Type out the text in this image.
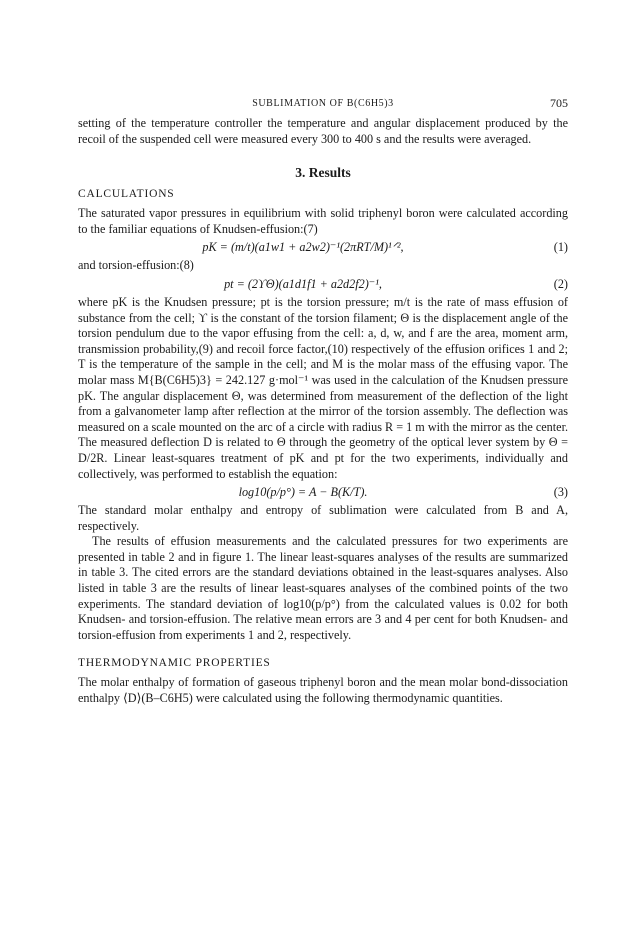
SUBLIMATION OF B(C6H5)3	705

setting of the temperature controller the temperature and angular displacement produced by the recoil of the suspended cell were measured every 300 to 400 s and the results were averaged.

3. Results
CALCULATIONS

The saturated vapor pressures in equilibrium with solid triphenyl boron were calculated according to the familiar equations of Knudsen-effusion:(7)

pK = (m/t)(a1w1 + a2w2)⁻¹(2πRT/M)¹ᐟ²,	(1)

and torsion-effusion:(8)

pt = (2ϒΘ)(a1d1f1 + a2d2f2)⁻¹,	(2)

where pK is the Knudsen pressure; pt is the torsion pressure; m/t is the rate of mass effusion of substance from the cell; ϒ is the constant of the torsion filament; Θ is the displacement angle of the torsion pendulum due to the vapor effusing from the cell: a, d, w, and f are the area, moment arm, transmission probability,(9) and recoil force factor,(10) respectively of the effusion orifices 1 and 2; T is the temperature of the sample in the cell; and M is the molar mass of the effusing vapor. The molar mass M{B(C6H5)3} = 242.127 g·mol⁻¹ was used in the calculation of the Knudsen pressure pK. The angular displacement Θ, was determined from measurement of the deflection of the light from a galvanometer lamp after reflection at the mirror of the torsion assembly. The deflection was measured on a scale mounted on the arc of a circle with radius R = 1 m with the mirror as the center. The measured deflection D is related to Θ through the geometry of the optical lever system by Θ = D/2R. Linear least-squares treatment of pK and pt for the two experiments, individually and collectively, was performed to establish the equation:

log10(p/p°) = A − B(K/T).	(3)

The standard molar enthalpy and entropy of sublimation were calculated from B and A, respectively.

The results of effusion measurements and the calculated pressures for two experiments are presented in table 2 and in figure 1. The linear least-squares analyses of the results are summarized in table 3. The cited errors are the standard deviations obtained in the least-squares analyses. Also listed in table 3 are the results of linear least-squares analyses of the combined points of the two experiments. The standard deviation of log10(p/p°) from the calculated values is 0.02 for both Knudsen- and torsion-effusion. The relative mean errors are 3 and 4 per cent for both Knudsen- and torsion-effusion from experiments 1 and 2, respectively.

THERMODYNAMIC PROPERTIES

The molar enthalpy of formation of gaseous triphenyl boron and the mean molar bond-dissociation enthalpy ⟨D⟩(B–C6H5) were calculated using the following thermodynamic quantities.
